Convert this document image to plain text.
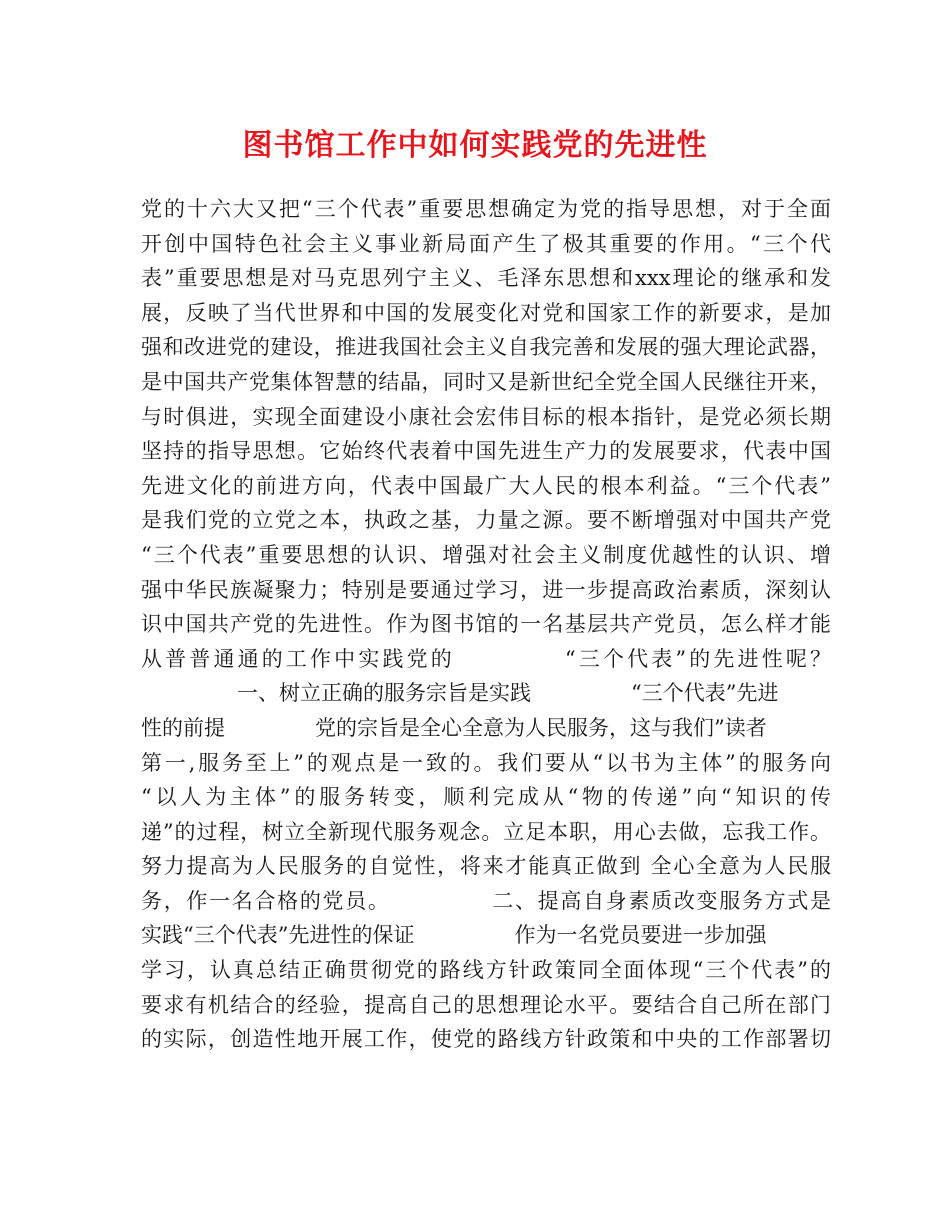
图书馆工作中如何实践党的先进性
党的十六大又把“三个代表”重要思想确定为党的指导思想，对于全面
开创中国特色社会主义事业新局面产生了极其重要的作用。“三个代
表”重要思想是对马克思列宁主义、毛泽东思想和xxx理论的继承和发
展，反映了当代世界和中国的发展变化对党和国家工作的新要求，是加
强和改进党的建设，推进我国社会主义自我完善和发展的强大理论武器，
是中国共产党集体智慧的结晶，同时又是新世纪全党全国人民继往开来，
与时俱进，实现全面建设小康社会宏伟目标的根本指针，是党必须长期
坚持的指导思想。它始终代表着中国先进生产力的发展要求，代表中国
先进文化的前进方向，代表中国最广大人民的根本利益。“三个代表”
是我们党的立党之本，执政之基，力量之源。要不断增强对中国共产党
“三个代表”重要思想的认识、增强对社会主义制度优越性的认识、增
强中华民族凝聚力；特别是要通过学习，进一步提高政治素质，深刻认
识中国共产党的先进性。作为图书馆的一名基层共产党员，怎么样才能
从普普通通的工作中实践党的	“三个代表”的先进性呢？
一、树立正确的服务宗旨是实践	“三个代表”先进
性的前提	党的宗旨是全心全意为人民服务，这与我们”读者
第一,服务至上”的观点是一致的。我们要从“以书为主体”的服务向
“以人为主体”的服务转变，顺利完成从“物的传递”向“知识的传
递”的过程，树立全新现代服务观念。立足本职，用心去做，忘我工作。
努力提高为人民服务的自觉性，将来才能真正做到 全心全意为人民服
务，作一名合格的党员。	二、提高自身素质改变服务方式是
实践“三个代表”先进性的保证	作为一名党员要进一步加强
学习，认真总结正确贯彻党的路线方针政策同全面体现“三个代表”的
要求有机结合的经验，提高自己的思想理论水平。要结合自己所在部门
的实际，创造性地开展工作，使党的路线方针政策和中央的工作部署切
